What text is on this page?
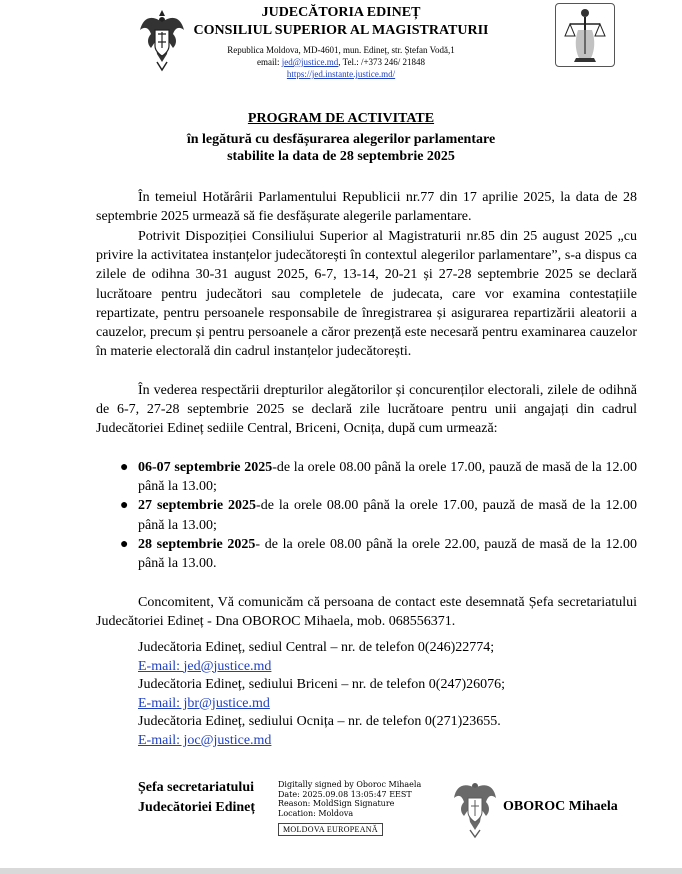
JUDECĂTORIA EDINEȚ
CONSILIUL SUPERIOR AL MAGISTRATURII
Republica Moldova, MD-4601, mun. Edineț, str. Ștefan Vodă,1
email: jed@justice.md, Tel.: /+373 246/ 21848
https://jed.instante.justice.md/
PROGRAM DE ACTIVITATE
în legătură cu desfășurarea alegerilor parlamentare
stabilite la data de 28 septembrie 2025

În temeiul Hotărârii Parlamentului Republicii nr.77 din 17 aprilie 2025, la data de 28 septembrie 2025 urmează să fie desfășurate alegerile parlamentare.

Potrivit Dispoziției Consiliului Superior al Magistraturii nr.85 din 25 august 2025 „cu privire la activitatea instanțelor judecătorești în contextul alegerilor parlamentare”, s-a dispus ca zilele de odihna 30-31 august 2025, 6-7, 13-14, 20-21 și 27-28 septembrie 2025 se declară lucrătoare pentru judecători sau completele de judecata, care vor examina contestațiile repartizate, pentru persoanele responsabile de înregistrarea și asigurarea repartizării aleatorii a cauzelor, precum și pentru persoanele a căror prezență este necesară pentru examinarea cauzelor în materie electorală din cadrul instanțelor judecătorești.

În vederea respectării drepturilor alegătorilor și concurenților electorali, zilele de odihnă de 6-7, 27-28 septembrie 2025 se declară zile lucrătoare pentru unii angajați din cadrul Judecătoriei Edineț sediile Central, Briceni, Ocnița, după cum urmează:

● 06-07 septembrie 2025-de la orele 08.00 până la orele 17.00, pauză de masă de la 12.00 până la 13.00;
● 27 septembrie 2025-de la orele 08.00 până la orele 17.00, pauză de masă de la 12.00 până la 13.00;
● 28 septembrie 2025- de la orele 08.00 până la orele 22.00, pauză de masă de la 12.00 până la 13.00.

Concomitent, Vă comunicăm că persoana de contact este desemnată Șefa secretariatului Judecătoriei Edineț - Dna OBOROC Mihaela, mob. 068556371.

Judecătoria Edineț, sediul Central – nr. de telefon 0(246)22774;
E-mail: jed@justice.md
Judecătoria Edineț, sediului Briceni – nr. de telefon 0(247)26076;
E-mail: jbr@justice.md
Judecătoria Edineț, sediului Ocnița – nr. de telefon 0(271)23655.
E-mail: joc@justice.md
Șefa secretariatului
Judecătoriei Edineț
Digitally signed by Oboroc Mihaela
Date: 2025.09.08 13:05:47 EEST
Reason: MoldSign Signature
Location: Moldova
MOLDOVA EUROPEANĂ
OBOROC Mihaela
